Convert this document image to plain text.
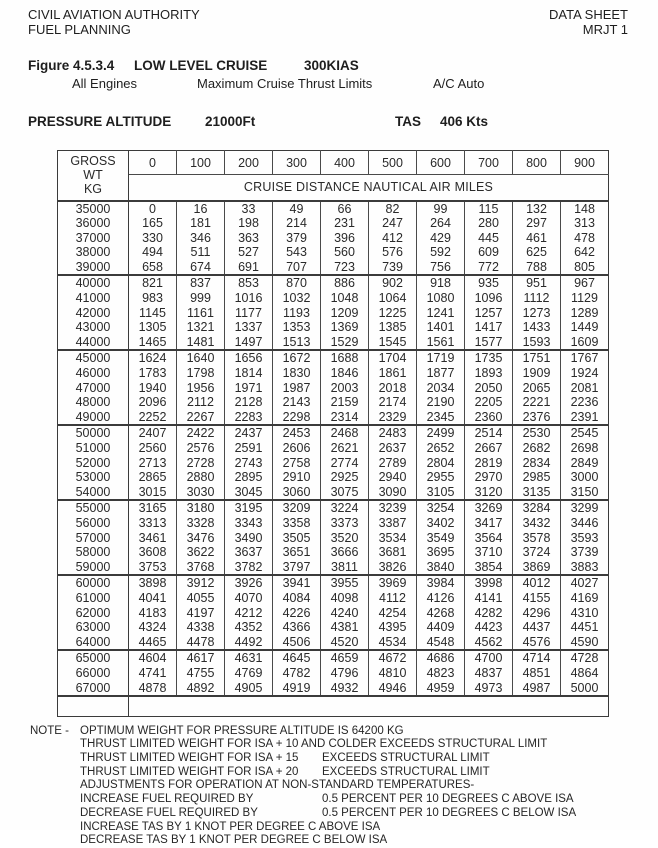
CIVIL AVIATION AUTHORITY
FUEL PLANNING
DATA SHEET
MRJT 1
Figure 4.5.3.4 LOW LEVEL CRUISE	300KIAS
All Engines	Maximum Cruise Thrust Limits	A/C Auto
PRESSURE ALTITUDE 21000Ft	TAS 406 Kts
GROSS
WT
KG	0	100	200	300	400	500	600	700	800	900
	CRUISE DISTANCE NAUTICAL AIR MILES									
35000	0	16	33	49	66	82	99	115	132	148
36000	165	181	198	214	231	247	264	280	297	313
37000	330	346	363	379	396	412	429	445	461	478
38000	494	511	527	543	560	576	592	609	625	642
39000	658	674	691	707	723	739	756	772	788	805
40000	821	837	853	870	886	902	918	935	951	967
41000	983	999	1016	1032	1048	1064	1080	1096	1112	1129
42000	1145	1161	1177	1193	1209	1225	1241	1257	1273	1289
43000	1305	1321	1337	1353	1369	1385	1401	1417	1433	1449
44000	1465	1481	1497	1513	1529	1545	1561	1577	1593	1609
45000	1624	1640	1656	1672	1688	1704	1719	1735	1751	1767
46000	1783	1798	1814	1830	1846	1861	1877	1893	1909	1924
47000	1940	1956	1971	1987	2003	2018	2034	2050	2065	2081
48000	2096	2112	2128	2143	2159	2174	2190	2205	2221	2236
49000	2252	2267	2283	2298	2314	2329	2345	2360	2376	2391
50000	2407	2422	2437	2453	2468	2483	2499	2514	2530	2545
51000	2560	2576	2591	2606	2621	2637	2652	2667	2682	2698
52000	2713	2728	2743	2758	2774	2789	2804	2819	2834	2849
53000	2865	2880	2895	2910	2925	2940	2955	2970	2985	3000
54000	3015	3030	3045	3060	3075	3090	3105	3120	3135	3150
55000	3165	3180	3195	3209	3224	3239	3254	3269	3284	3299
56000	3313	3328	3343	3358	3373	3387	3402	3417	3432	3446
57000	3461	3476	3490	3505	3520	3534	3549	3564	3578	3593
58000	3608	3622	3637	3651	3666	3681	3695	3710	3724	3739
59000	3753	3768	3782	3797	3811	3826	3840	3854	3869	3883
60000	3898	3912	3926	3941	3955	3969	3984	3998	4012	4027
61000	4041	4055	4070	4084	4098	4112	4126	4141	4155	4169
62000	4183	4197	4212	4226	4240	4254	4268	4282	4296	4310
63000	4324	4338	4352	4366	4381	4395	4409	4423	4437	4451
64000	4465	4478	4492	4506	4520	4534	4548	4562	4576	4590
65000	4604	4617	4631	4645	4659	4672	4686	4700	4714	4728
66000	4741	4755	4769	4782	4796	4810	4823	4837	4851	4864
67000	4878	4892	4905	4919	4932	4946	4959	4973	4987	5000

NOTE - OPTIMUM WEIGHT FOR PRESSURE ALTITUDE IS 64200 KG
THRUST LIMITED WEIGHT FOR ISA + 10 AND COLDER EXCEEDS STRUCTURAL LIMIT
THRUST LIMITED WEIGHT FOR ISA + 15 EXCEEDS STRUCTURAL LIMIT
THRUST LIMITED WEIGHT FOR ISA + 20 EXCEEDS STRUCTURAL LIMIT
ADJUSTMENTS FOR OPERATION AT NON-STANDARD TEMPERATURES-
INCREASE FUEL REQUIRED BY	0.5 PERCENT PER 10 DEGREES C ABOVE ISA
DECREASE FUEL REQUIRED BY	0.5 PERCENT PER 10 DEGREES C BELOW ISA
INCREASE TAS BY 1 KNOT PER DEGREE C ABOVE ISA
DECREASE TAS BY 1 KNOT PER DEGREE C BELOW ISA
